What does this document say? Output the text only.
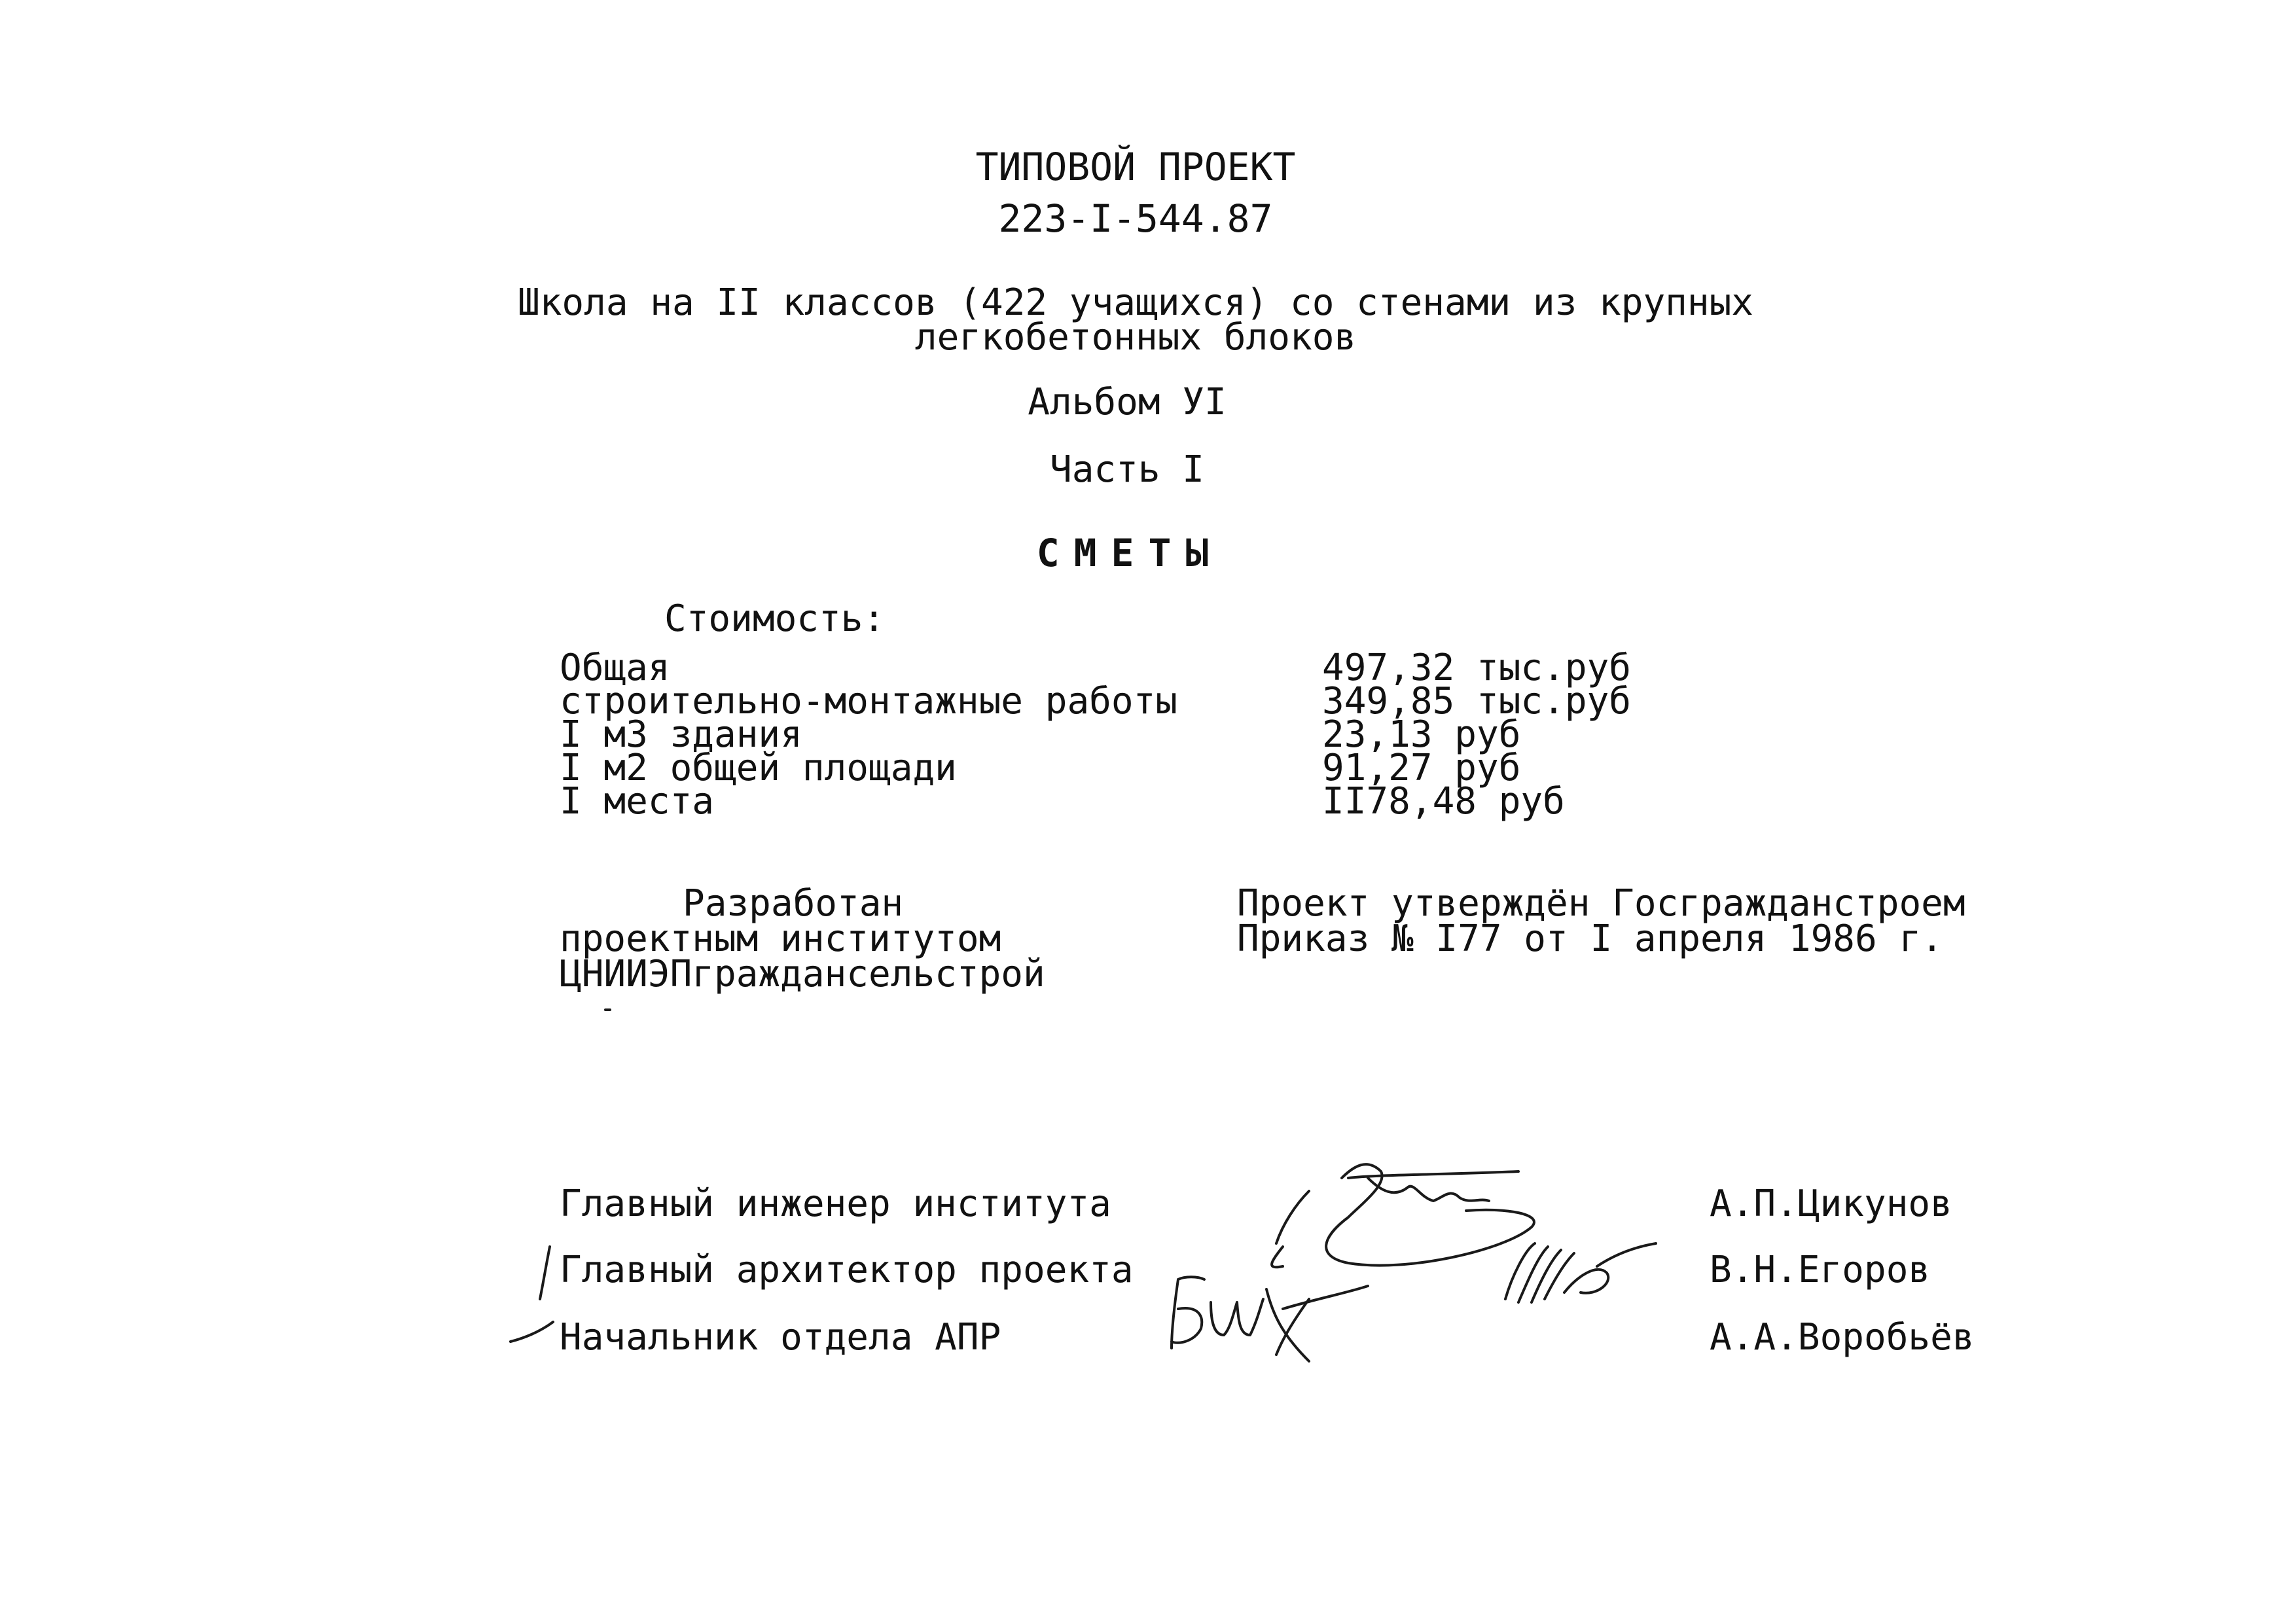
ТИПОВОЙ ПРОЕКТ
223-I-544.87
Школа на II классов (422 учащихся) со стенами из крупных
легкобетонных блоков
Альбом УI
Часть I
СМЕТЫ
Стоимость:
Общая
строительно-монтажные работы
I м3 здания
I м2 общей площади
I места
497,32 тыс.руб
349,85 тыс.руб
23,13 руб
91,27 руб
II78,48 руб
Разработан
проектным институтом
ЦНИИЭПграждансельстрой
Проект утверждён Госгражданстроем
Приказ № I77 от I апреля 1986 г.
Главный инженер института
Главный архитектор проекта
Начальник отдела АПР
А.П.Цикунов
В.Н.Егоров
А.А.Воробьёв
